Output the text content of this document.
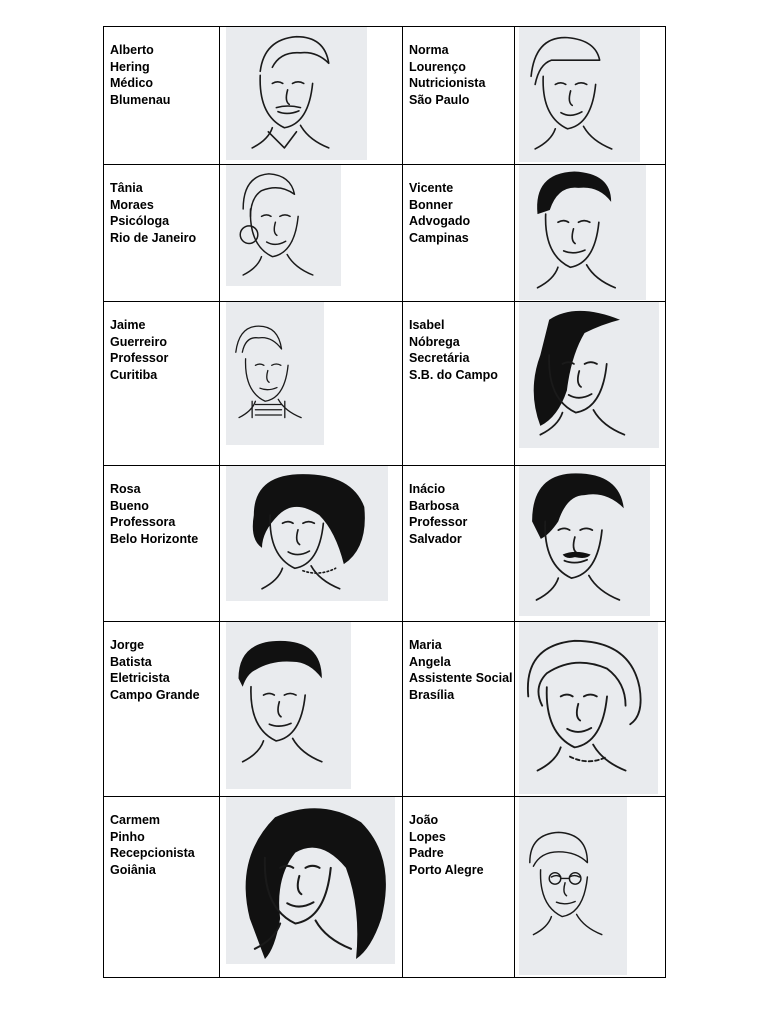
Alberto
Hering
Médico
Blumenau
Norma
Lourenço
Nutricionista
São Paulo
Tânia
Moraes
Psicóloga
Rio de Janeiro
Vicente
Bonner
Advogado
Campinas
Jaime
Guerreiro
Professor
Curitiba
Isabel
Nóbrega
Secretária
S.B. do Campo
Rosa
Bueno
Professora
Belo Horizonte
Inácio
Barbosa
Professor
Salvador
Jorge
Batista
Eletricista
Campo Grande
Maria
Angela
Assistente Social
Brasília
Carmem
Pinho
Recepcionista
Goiânia
João
Lopes
Padre
Porto Alegre
